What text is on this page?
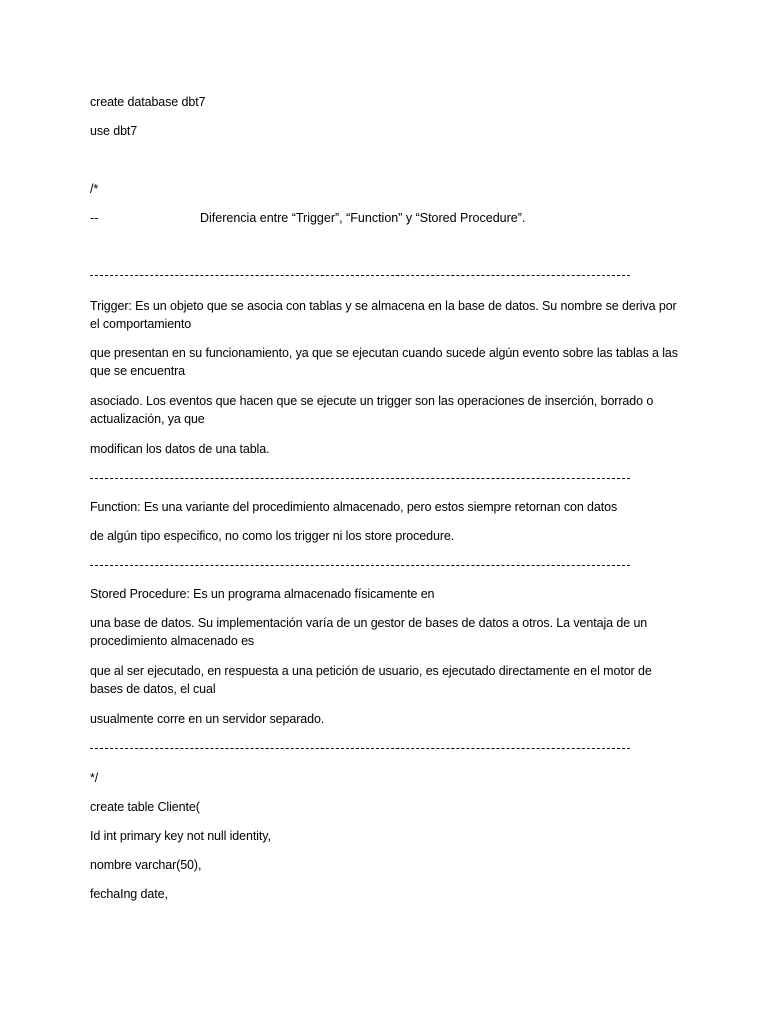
create database dbt7
use dbt7
/*
--	Diferencia entre “Trigger”, “Function” y “Stored Procedure”.
Trigger: Es un objeto que se asocia con tablas y se almacena en la base de datos. Su nombre se deriva por el comportamiento
que presentan en su funcionamiento, ya que se ejecutan cuando sucede algún evento sobre las tablas a las que se encuentra
asociado. Los eventos que hacen que se ejecute un trigger son las operaciones de inserción, borrado o actualización, ya que
modifican los datos de una tabla.
Function: Es una variante del procedimiento almacenado, pero estos siempre retornan con datos
de algún tipo especifico, no como los trigger ni los store procedure.
Stored Procedure: Es un programa almacenado físicamente en
una base de datos. Su implementación varía de un gestor de bases de datos a otros. La ventaja de un procedimiento almacenado es
que al ser ejecutado, en respuesta a una petición de usuario, es ejecutado directamente en el motor de bases de datos, el cual
usualmente corre en un servidor separado.
*/
create table Cliente(
Id int primary key not null identity,
nombre varchar(50),
fechaIng date,
